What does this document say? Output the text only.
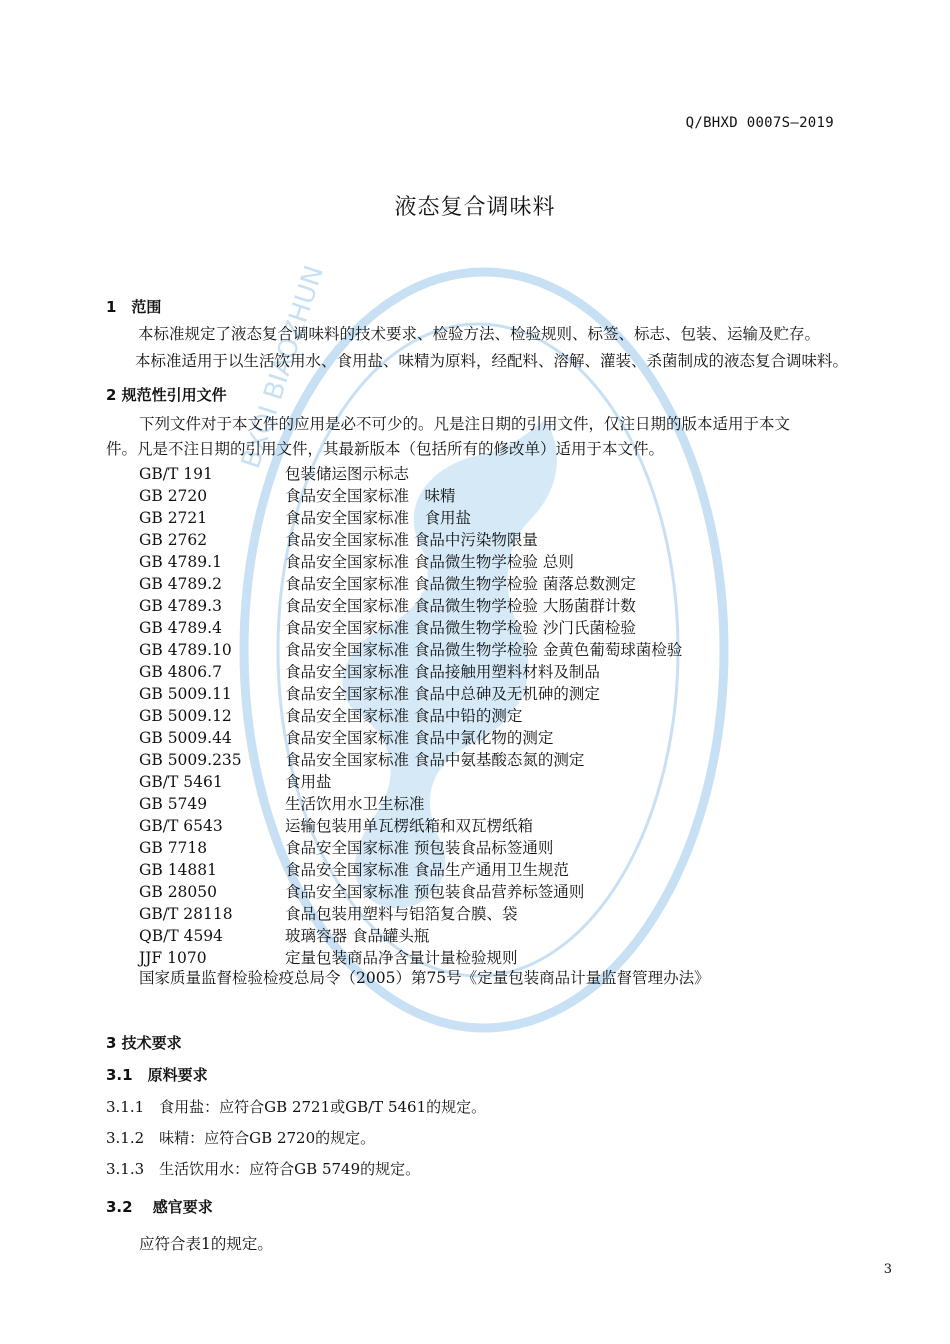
BXQI BIAOZHUN
Q/BHXD 0007S—2019
液态复合调味料
1　范围
本标准规定了液态复合调味料的技术要求、检验方法、检验规则、标签、标志、包装、运输及贮存。
本标准适用于以生活饮用水、食用盐、味精为原料，经配料、溶解、灌装、杀菌制成的液态复合调味料。
2 规范性引用文件
下列文件对于本文件的应用是必不可少的。凡是注日期的引用文件，仅注日期的版本适用于本文
件。凡是不注日期的引用文件，其最新版本（包括所有的修改单）适用于本文件。
GB/T 191	包装储运图示标志
GB 2720	食品安全国家标准　味精
GB 2721	食品安全国家标准　食用盐
GB 2762	食品安全国家标准 食品中污染物限量
GB 4789.1	食品安全国家标准 食品微生物学检验 总则
GB 4789.2	食品安全国家标准 食品微生物学检验 菌落总数测定
GB 4789.3	食品安全国家标准 食品微生物学检验 大肠菌群计数
GB 4789.4	食品安全国家标准 食品微生物学检验 沙门氏菌检验
GB 4789.10	食品安全国家标准 食品微生物学检验 金黄色葡萄球菌检验
GB 4806.7	食品安全国家标准 食品接触用塑料材料及制品
GB 5009.11	食品安全国家标准 食品中总砷及无机砷的测定
GB 5009.12	食品安全国家标准 食品中铅的测定
GB 5009.44	食品安全国家标准 食品中氯化物的测定
GB 5009.235	食品安全国家标准 食品中氨基酸态氮的测定
GB/T 5461	食用盐
GB 5749	生活饮用水卫生标准
GB/T 6543	运输包装用单瓦楞纸箱和双瓦楞纸箱
GB 7718	食品安全国家标准 预包装食品标签通则
GB 14881	食品安全国家标准 食品生产通用卫生规范
GB 28050	食品安全国家标准 预包装食品营养标签通则
GB/T 28118	食品包装用塑料与铝箔复合膜、袋
QB/T 4594	玻璃容器 食品罐头瓶
JJF 1070	定量包装商品净含量计量检验规则
国家质量监督检验检疫总局令（2005）第75号《定量包装商品计量监督管理办法》
3 技术要求
3.1　原料要求
3.1.1　食用盐：应符合GB 2721或GB/T 5461的规定。
3.1.2　味精：应符合GB 2720的规定。
3.1.3　生活饮用水：应符合GB 5749的规定。
3.2　 感官要求
应符合表1的规定。
3
